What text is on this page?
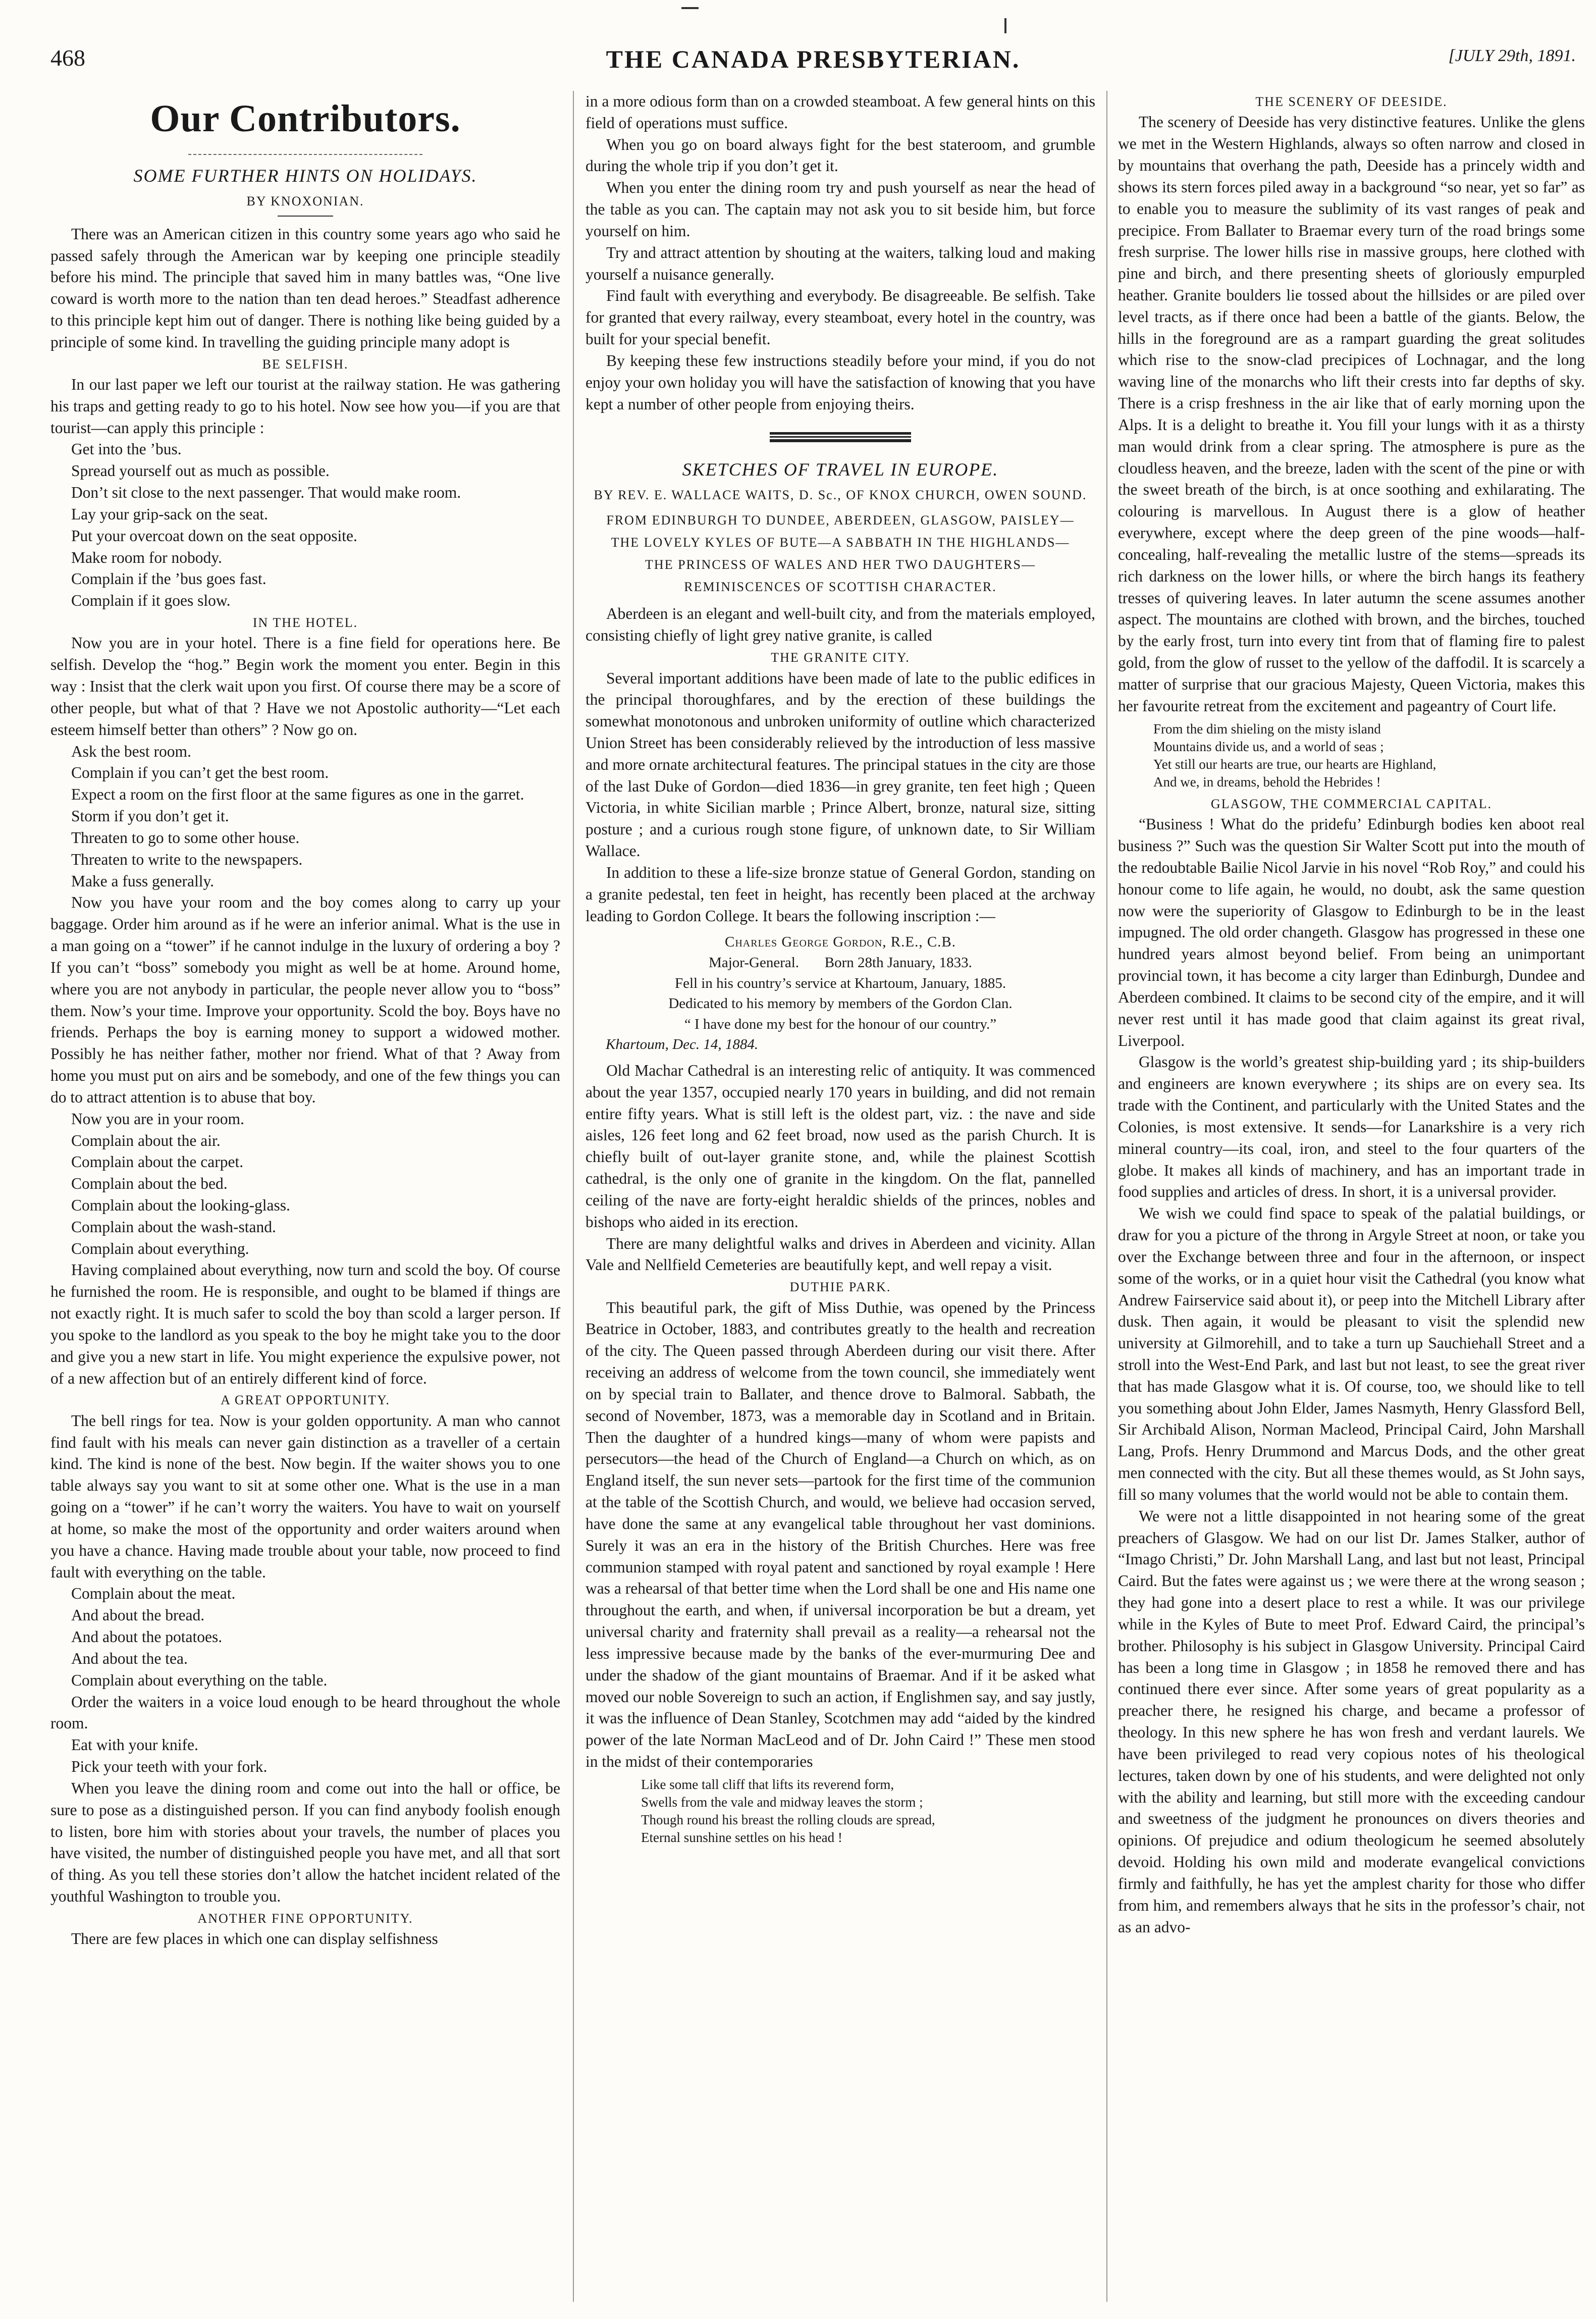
468	THE CANADA PRESBYTERIAN.	[JULY 29th, 1891.
Our Contributors.
SOME FURTHER HINTS ON HOLIDAYS.
BY KNOXONIAN.

There was an American citizen in this country some years ago who said he passed safely through the American war by keeping one principle steadily before his mind. The principle that saved him in many battles was, “One live coward is worth more to the nation than ten dead heroes.” Steadfast adherence to this principle kept him out of danger. There is nothing like being guided by a principle of some kind. In travelling the guiding principle many adopt is

BE SELFISH.

In our last paper we left our tourist at the railway station. He was gathering his traps and getting ready to go to his hotel. Now see how you—if you are that tourist—can apply this principle :

Get into the ’bus.

Spread yourself out as much as possible.

Don’t sit close to the next passenger. That would make room.

Lay your grip-sack on the seat.

Put your overcoat down on the seat opposite.

Make room for nobody.

Complain if the ’bus goes fast.

Complain if it goes slow.

IN THE HOTEL.

Now you are in your hotel. There is a fine field for operations here. Be selfish. Develop the “hog.” Begin work the moment you enter. Begin in this way : Insist that the clerk wait upon you first. Of course there may be a score of other people, but what of that ? Have we not Apostolic authority—“Let each esteem himself better than others” ? Now go on.

Ask the best room.

Complain if you can’t get the best room.

Expect a room on the first floor at the same figures as one in the garret.

Storm if you don’t get it.

Threaten to go to some other house.

Threaten to write to the newspapers.

Make a fuss generally.

Now you have your room and the boy comes along to carry up your baggage. Order him around as if he were an inferior animal. What is the use in a man going on a “tower” if he cannot indulge in the luxury of ordering a boy ? If you can’t “boss” somebody you might as well be at home. Around home, where you are not anybody in particular, the people never allow you to “boss” them. Now’s your time. Improve your opportunity. Scold the boy. Boys have no friends. Perhaps the boy is earning money to support a widowed mother. Possibly he has neither father, mother nor friend. What of that ? Away from home you must put on airs and be somebody, and one of the few things you can do to attract attention is to abuse that boy.

Now you are in your room.

Complain about the air.

Complain about the carpet.

Complain about the bed.

Complain about the looking-glass.

Complain about the wash-stand.

Complain about everything.

Having complained about everything, now turn and scold the boy. Of course he furnished the room. He is responsible, and ought to be blamed if things are not exactly right. It is much safer to scold the boy than scold a larger person. If you spoke to the landlord as you speak to the boy he might take you to the door and give you a new start in life. You might experience the expulsive power, not of a new affection but of an entirely different kind of force.

A GREAT OPPORTUNITY.

The bell rings for tea. Now is your golden opportunity. A man who cannot find fault with his meals can never gain distinction as a traveller of a certain kind. The kind is none of the best. Now begin. If the waiter shows you to one table always say you want to sit at some other one. What is the use in a man going on a “tower” if he can’t worry the waiters. You have to wait on yourself at home, so make the most of the opportunity and order waiters around when you have a chance. Having made trouble about your table, now proceed to find fault with everything on the table.

Complain about the meat.

And about the bread.

And about the potatoes.

And about the tea.

Complain about everything on the table.

Order the waiters in a voice loud enough to be heard throughout the whole room.

Eat with your knife.

Pick your teeth with your fork.

When you leave the dining room and come out into the hall or office, be sure to pose as a distinguished person. If you can find anybody foolish enough to listen, bore him with stories about your travels, the number of places you have visited, the number of distinguished people you have met, and all that sort of thing. As you tell these stories don’t allow the hatchet incident related of the youthful Washington to trouble you.

ANOTHER FINE OPPORTUNITY.

There are few places in which one can display selfishness

in a more odious form than on a crowded steamboat. A few general hints on this field of operations must suffice.

When you go on board always fight for the best stateroom, and grumble during the whole trip if you don’t get it.

When you enter the dining room try and push yourself as near the head of the table as you can. The captain may not ask you to sit beside him, but force yourself on him.

Try and attract attention by shouting at the waiters, talking loud and making yourself a nuisance generally.

Find fault with everything and everybody. Be disagreeable. Be selfish. Take for granted that every railway, every steamboat, every hotel in the country, was built for your special benefit.

By keeping these few instructions steadily before your mind, if you do not enjoy your own holiday you will have the satisfaction of knowing that you have kept a number of other people from enjoying theirs.

SKETCHES OF TRAVEL IN EUROPE.
BY REV. E. WALLACE WAITS, D. Sc., OF KNOX CHURCH, OWEN SOUND.
FROM EDINBURGH TO DUNDEE, ABERDEEN, GLASGOW, PAISLEY—THE LOVELY KYLES OF BUTE—A SABBATH IN THE HIGHLANDS—THE PRINCESS OF WALES AND HER TWO DAUGHTERS—REMINISCENCES OF SCOTTISH CHARACTER.

Aberdeen is an elegant and well-built city, and from the materials employed, consisting chiefly of light grey native granite, is called

THE GRANITE CITY.

Several important additions have been made of late to the public edifices in the principal thoroughfares, and by the erection of these buildings the somewhat monotonous and unbroken uniformity of outline which characterized Union Street has been considerably relieved by the introduction of less massive and more ornate architectural features. The principal statues in the city are those of the last Duke of Gordon—died 1836—in grey granite, ten feet high ; Queen Victoria, in white Sicilian marble ; Prince Albert, bronze, natural size, sitting posture ; and a curious rough stone figure, of unknown date, to Sir William Wallace.

In addition to these a life-size bronze statue of General Gordon, standing on a granite pedestal, ten feet in height, has recently been placed at the archway leading to Gordon College. It bears the following inscription :—

Charles George Gordon, R.E., C.B.
Major-General.       Born 28th January, 1833.
Fell in his country’s service at Khartoum, January, 1885.
Dedicated to his memory by members of the Gordon Clan.
“ I have done my best for the honour of our country.”
Khartoum, Dec. 14, 1884.

Old Machar Cathedral is an interesting relic of antiquity. It was commenced about the year 1357, occupied nearly 170 years in building, and did not remain entire fifty years. What is still left is the oldest part, viz. : the nave and side aisles, 126 feet long and 62 feet broad, now used as the parish Church. It is chiefly built of out-layer granite stone, and, while the plainest Scottish cathedral, is the only one of granite in the kingdom. On the flat, pannelled ceiling of the nave are forty-eight heraldic shields of the princes, nobles and bishops who aided in its erection.

There are many delightful walks and drives in Aberdeen and vicinity. Allan Vale and Nellfield Cemeteries are beautifully kept, and well repay a visit.

DUTHIE PARK.

This beautiful park, the gift of Miss Duthie, was opened by the Princess Beatrice in October, 1883, and contributes greatly to the health and recreation of the city. The Queen passed through Aberdeen during our visit there. After receiving an address of welcome from the town council, she immediately went on by special train to Ballater, and thence drove to Balmoral. Sabbath, the second of November, 1873, was a memorable day in Scotland and in Britain. Then the daughter of a hundred kings—many of whom were papists and persecutors—the head of the Church of England—a Church on which, as on England itself, the sun never sets—partook for the first time of the communion at the table of the Scottish Church, and would, we believe had occasion served, have done the same at any evangelical table throughout her vast dominions. Surely it was an era in the history of the British Churches. Here was free communion stamped with royal patent and sanctioned by royal example ! Here was a rehearsal of that better time when the Lord shall be one and His name one throughout the earth, and when, if universal incorporation be but a dream, yet universal charity and fraternity shall prevail as a reality—a rehearsal not the less impressive because made by the banks of the ever-murmuring Dee and under the shadow of the giant mountains of Braemar. And if it be asked what moved our noble Sovereign to such an action, if Englishmen say, and say justly, it was the influence of Dean Stanley, Scotchmen may add “aided by the kindred power of the late Norman MacLeod and of Dr. John Caird !” These men stood in the midst of their contemporaries

Like some tall cliff that lifts its reverend form,
Swells from the vale and midway leaves the storm ;
Though round his breast the rolling clouds are spread,
Eternal sunshine settles on his head !
THE SCENERY OF DEESIDE.

The scenery of Deeside has very distinctive features. Unlike the glens we met in the Western Highlands, always so often narrow and closed in by mountains that overhang the path, Deeside has a princely width and shows its stern forces piled away in a background “so near, yet so far” as to enable you to measure the sublimity of its vast ranges of peak and precipice. From Ballater to Braemar every turn of the road brings some fresh surprise. The lower hills rise in massive groups, here clothed with pine and birch, and there presenting sheets of gloriously empurpled heather. Granite boulders lie tossed about the hillsides or are piled over level tracts, as if there once had been a battle of the giants. Below, the hills in the foreground are as a rampart guarding the great solitudes which rise to the snow-clad precipices of Lochnagar, and the long waving line of the monarchs who lift their crests into far depths of sky. There is a crisp freshness in the air like that of early morning upon the Alps. It is a delight to breathe it. You fill your lungs with it as a thirsty man would drink from a clear spring. The atmosphere is pure as the cloudless heaven, and the breeze, laden with the scent of the pine or with the sweet breath of the birch, is at once soothing and exhilarating. The colouring is marvellous. In August there is a glow of heather everywhere, except where the deep green of the pine woods—half-concealing, half-revealing the metallic lustre of the stems—spreads its rich darkness on the lower hills, or where the birch hangs its feathery tresses of quivering leaves. In later autumn the scene assumes another aspect. The mountains are clothed with brown, and the birches, touched by the early frost, turn into every tint from that of flaming fire to palest gold, from the glow of russet to the yellow of the daffodil. It is scarcely a matter of surprise that our gracious Majesty, Queen Victoria, makes this her favourite retreat from the excitement and pageantry of Court life.

From the dim shieling on the misty island
Mountains divide us, and a world of seas ;
Yet still our hearts are true, our hearts are Highland,
And we, in dreams, behold the Hebrides !
GLASGOW, THE COMMERCIAL CAPITAL.

“Business ! What do the pridefu’ Edinburgh bodies ken aboot real business ?” Such was the question Sir Walter Scott put into the mouth of the redoubtable Bailie Nicol Jarvie in his novel “Rob Roy,” and could his honour come to life again, he would, no doubt, ask the same question now were the superiority of Glasgow to Edinburgh to be in the least impugned. The old order changeth. Glasgow has progressed in these one hundred years almost beyond belief. From being an unimportant provincial town, it has become a city larger than Edinburgh, Dundee and Aberdeen combined. It claims to be second city of the empire, and it will never rest until it has made good that claim against its great rival, Liverpool.

Glasgow is the world’s greatest ship-building yard ; its ship-builders and engineers are known everywhere ; its ships are on every sea. Its trade with the Continent, and particularly with the United States and the Colonies, is most extensive. It sends—for Lanarkshire is a very rich mineral country—its coal, iron, and steel to the four quarters of the globe. It makes all kinds of machinery, and has an important trade in food supplies and articles of dress. In short, it is a universal provider.

We wish we could find space to speak of the palatial buildings, or draw for you a picture of the throng in Argyle Street at noon, or take you over the Exchange between three and four in the afternoon, or inspect some of the works, or in a quiet hour visit the Cathedral (you know what Andrew Fairservice said about it), or peep into the Mitchell Library after dusk. Then again, it would be pleasant to visit the splendid new university at Gilmorehill, and to take a turn up Sauchiehall Street and a stroll into the West-End Park, and last but not least, to see the great river that has made Glasgow what it is. Of course, too, we should like to tell you something about John Elder, James Nasmyth, Henry Glassford Bell, Sir Archibald Alison, Norman Macleod, Principal Caird, John Marshall Lang, Profs. Henry Drummond and Marcus Dods, and the other great men connected with the city. But all these themes would, as St John says, fill so many volumes that the world would not be able to contain them.

We were not a little disappointed in not hearing some of the great preachers of Glasgow. We had on our list Dr. James Stalker, author of “Imago Christi,” Dr. John Marshall Lang, and last but not least, Principal Caird. But the fates were against us ; we were there at the wrong season ; they had gone into a desert place to rest a while. It was our privilege while in the Kyles of Bute to meet Prof. Edward Caird, the principal’s brother. Philosophy is his subject in Glasgow University. Principal Caird has been a long time in Glasgow ; in 1858 he removed there and has continued there ever since. After some years of great popularity as a preacher there, he resigned his charge, and became a professor of theology. In this new sphere he has won fresh and verdant laurels. We have been privileged to read very copious notes of his theological lectures, taken down by one of his students, and were delighted not only with the ability and learning, but still more with the exceeding candour and sweetness of the judgment he pronounces on divers theories and opinions. Of prejudice and odium theologicum he seemed absolutely devoid. Holding his own mild and moderate evangelical convictions firmly and faithfully, he has yet the amplest charity for those who differ from him, and remembers always that he sits in the professor’s chair, not as an advo-
